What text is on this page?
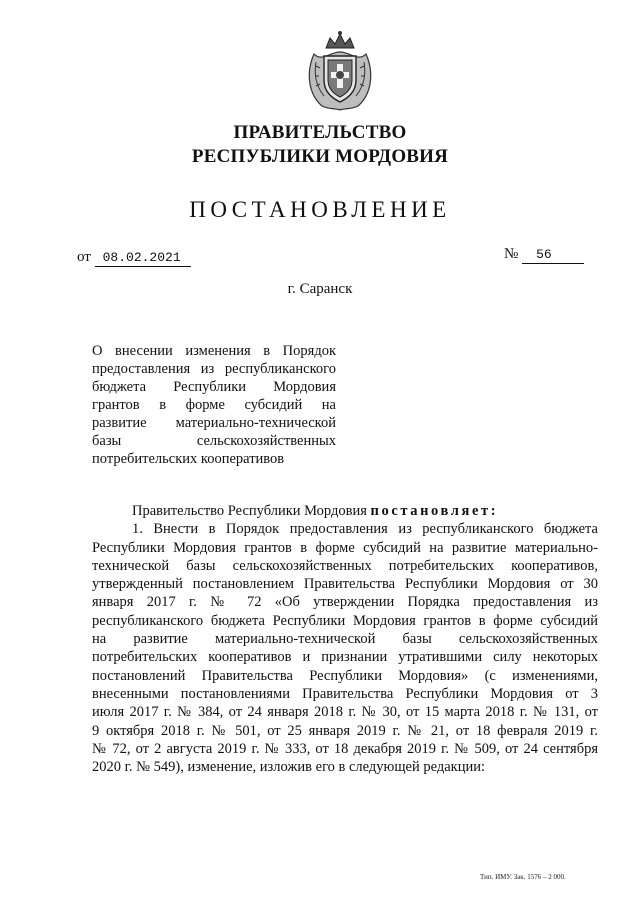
ПРАВИТЕЛЬСТВО
РЕСПУБЛИКИ МОРДОВИЯ
ПОСТАНОВЛЕНИЕ
от 08.02.2021	№ 56
г. Саранск
О внесении изменения в Порядок
предоставления из республиканского
бюджета Республики Мордовия
грантов в форме субсидий на
развитие материально-технической
базы сельскохозяйственных
потребительских кооперативов

Правительство Республики Мордовия постановляет:

1. Внести в Порядок предоставления из республиканского бюджета
Республики Мордовия грантов в форме субсидий на развитие материально-
технической базы сельскохозяйственных потребительских кооперативов,
утвержденный постановлением Правительства Республики Мордовия от 30
января 2017 г. № 72 «Об утверждении Порядка предоставления из
республиканского бюджета Республики Мордовия грантов в форме субсидий
на развитие материально-технической базы сельскохозяйственных
потребительских кооперативов и признании утратившими силу некоторых
постановлений Правительства Республики Мордовия» (с изменениями,
внесенными постановлениями Правительства Республики Мордовия от 3
июля 2017 г. № 384, от 24 января 2018 г. № 30, от 15 марта 2018 г. № 131, от
9 октября 2018 г. № 501, от 25 января 2019 г. № 21, от 18 февраля 2019 г.
№ 72, от 2 августа 2019 г. № 333, от 18 декабря 2019 г. № 509, от 24 сентября
2020 г. № 549), изменение, изложив его в следующей редакции:

Тип. ИМУ. Зак. 1576 – 2 000.
